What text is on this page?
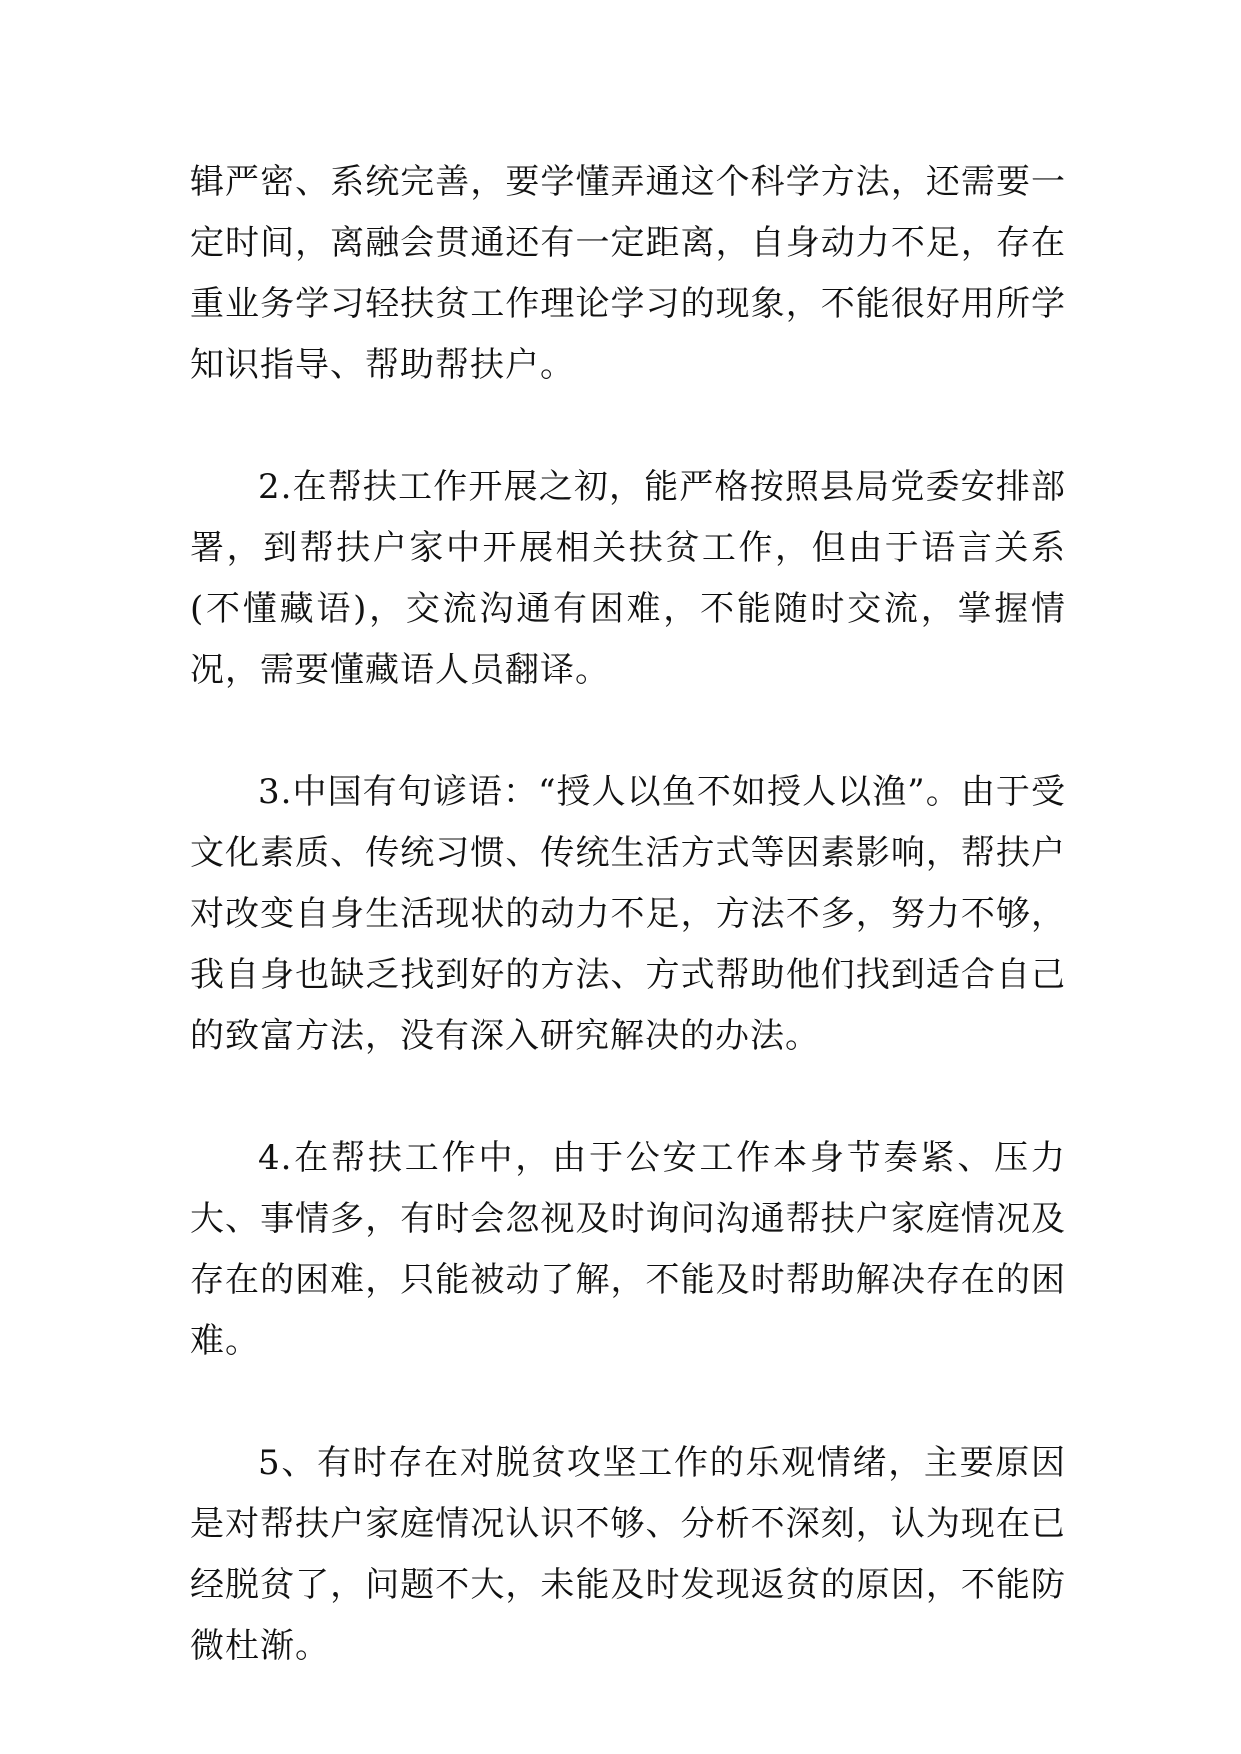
辑严密、系统完善，要学懂弄通这个科学方法，还需要一定时间，离融会贯通还有一定距离，自身动力不足，存在重业务学习轻扶贫工作理论学习的现象，不能很好用所学知识指导、帮助帮扶户。

2.在帮扶工作开展之初，能严格按照县局党委安排部署，到帮扶户家中开展相关扶贫工作，但由于语言关系(不懂藏语)，交流沟通有困难，不能随时交流，掌握情况，需要懂藏语人员翻译。

3.中国有句谚语：“授人以鱼不如授人以渔”。由于受文化素质、传统习惯、传统生活方式等因素影响，帮扶户对改变自身生活现状的动力不足，方法不多，努力不够，我自身也缺乏找到好的方法、方式帮助他们找到适合自己的致富方法，没有深入研究解决的办法。

4.在帮扶工作中，由于公安工作本身节奏紧、压力大、事情多，有时会忽视及时询问沟通帮扶户家庭情况及存在的困难，只能被动了解，不能及时帮助解决存在的困难。

5、有时存在对脱贫攻坚工作的乐观情绪，主要原因是对帮扶户家庭情况认识不够、分析不深刻，认为现在已经脱贫了，问题不大，未能及时发现返贫的原因，不能防微杜渐。
